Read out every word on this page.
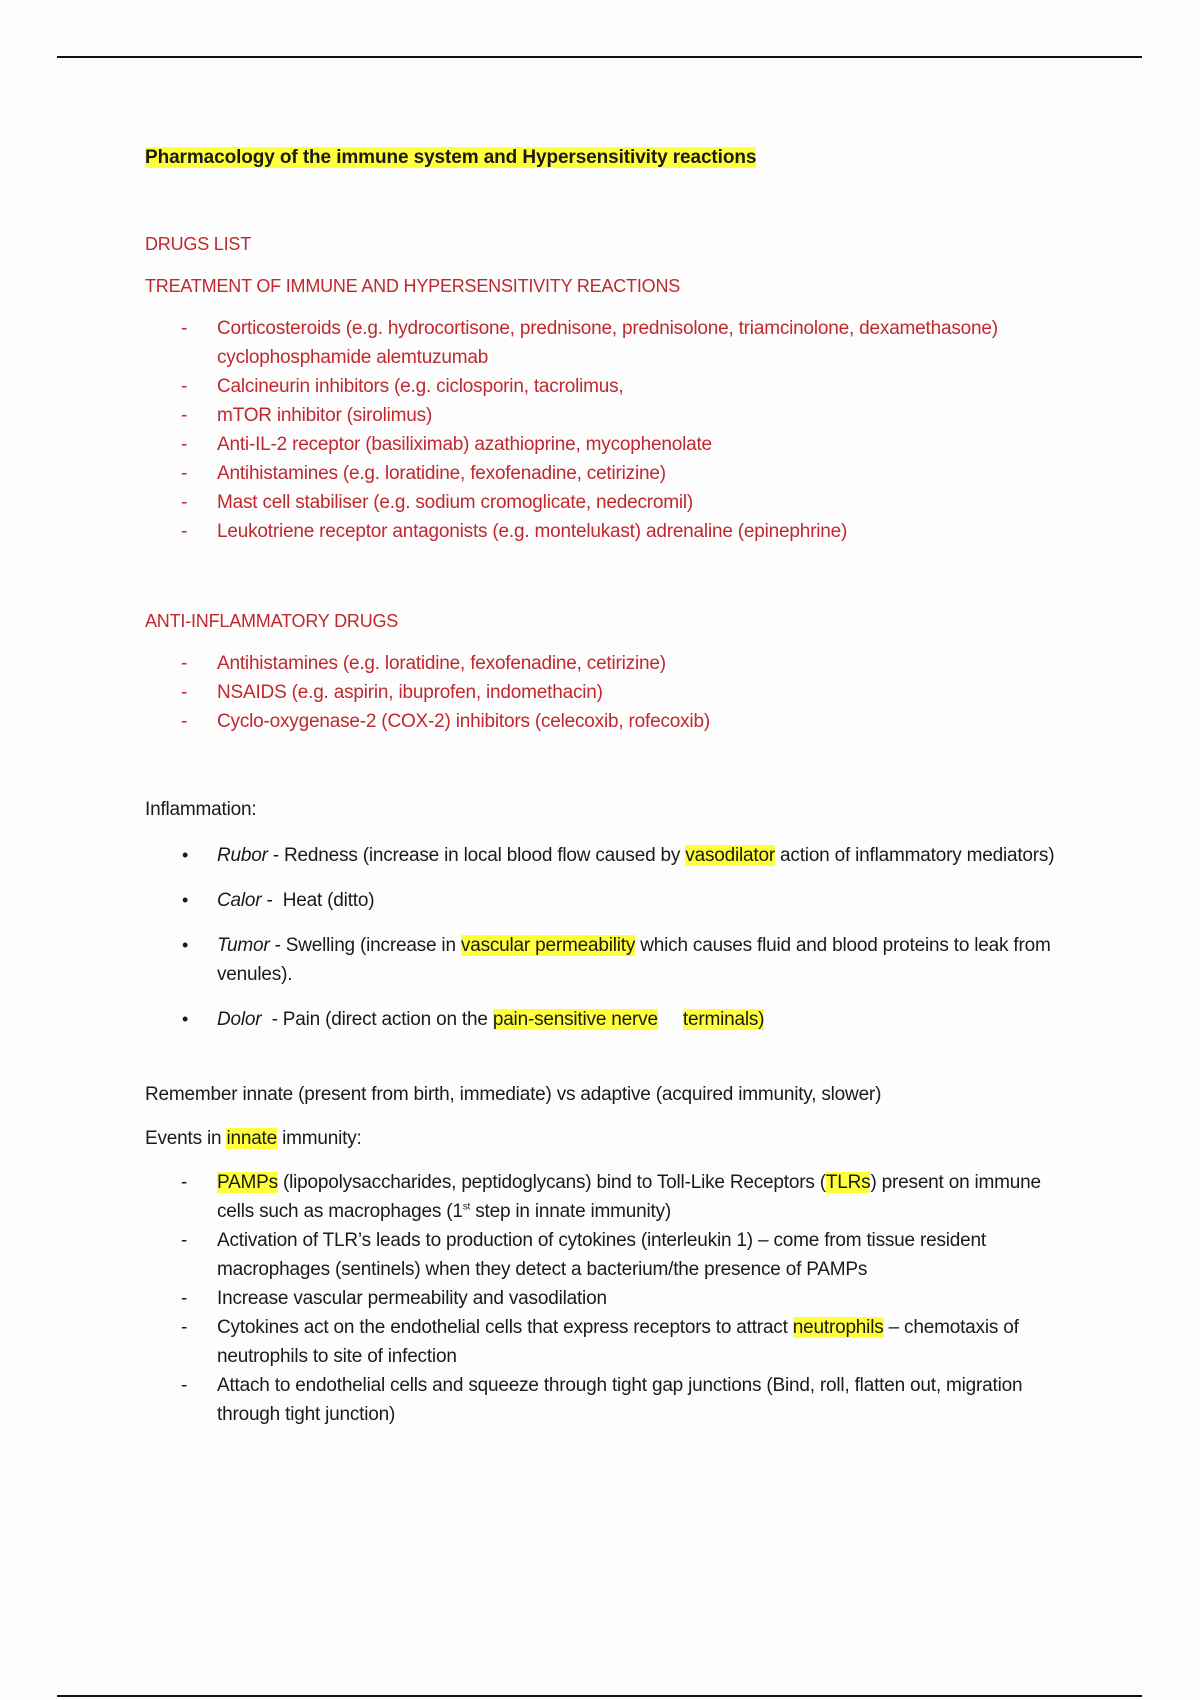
Pharmacology of the immune system and Hypersensitivity reactions

DRUGS LIST

TREATMENT OF IMMUNE AND HYPERSENSITIVITY REACTIONS

- Corticosteroids (e.g. hydrocortisone, prednisone, prednisolone, triamcinolone, dexamethasone) cyclophosphamide alemtuzumab
- Calcineurin inhibitors (e.g. ciclosporin, tacrolimus,
- mTOR inhibitor (sirolimus)
- Anti-IL-2 receptor (basiliximab) azathioprine, mycophenolate
- Antihistamines (e.g. loratidine, fexofenadine, cetirizine)
- Mast cell stabiliser (e.g. sodium cromoglicate, nedecromil)
- Leukotriene receptor antagonists (e.g. montelukast) adrenaline (epinephrine)

ANTI-INFLAMMATORY DRUGS

- Antihistamines (e.g. loratidine, fexofenadine, cetirizine)
- NSAIDS (e.g. aspirin, ibuprofen, indomethacin)
- Cyclo-oxygenase-2 (COX-2) inhibitors (celecoxib, rofecoxib)

Inflammation:

• Rubor - Redness (increase in local blood flow caused by vasodilator action of inflammatory mediators)
• Calor -  Heat (ditto)
• Tumor - Swelling (increase in vascular permeability which causes fluid and blood proteins to leak from venules).
• Dolor  - Pain (direct action on the pain-sensitive nerve terminals)

Remember innate (present from birth, immediate) vs adaptive (acquired immunity, slower)

Events in innate immunity:

- PAMPs (lipopolysaccharides, peptidoglycans) bind to Toll-Like Receptors (TLRs) present on immune cells such as macrophages (1st step in innate immunity)
- Activation of TLR’s leads to production of cytokines (interleukin 1) – come from tissue resident macrophages (sentinels) when they detect a bacterium/the presence of PAMPs
- Increase vascular permeability and vasodilation
- Cytokines act on the endothelial cells that express receptors to attract neutrophils – chemotaxis of neutrophils to site of infection
- Attach to endothelial cells and squeeze through tight gap junctions (Bind, roll, flatten out, migration through tight junction)
